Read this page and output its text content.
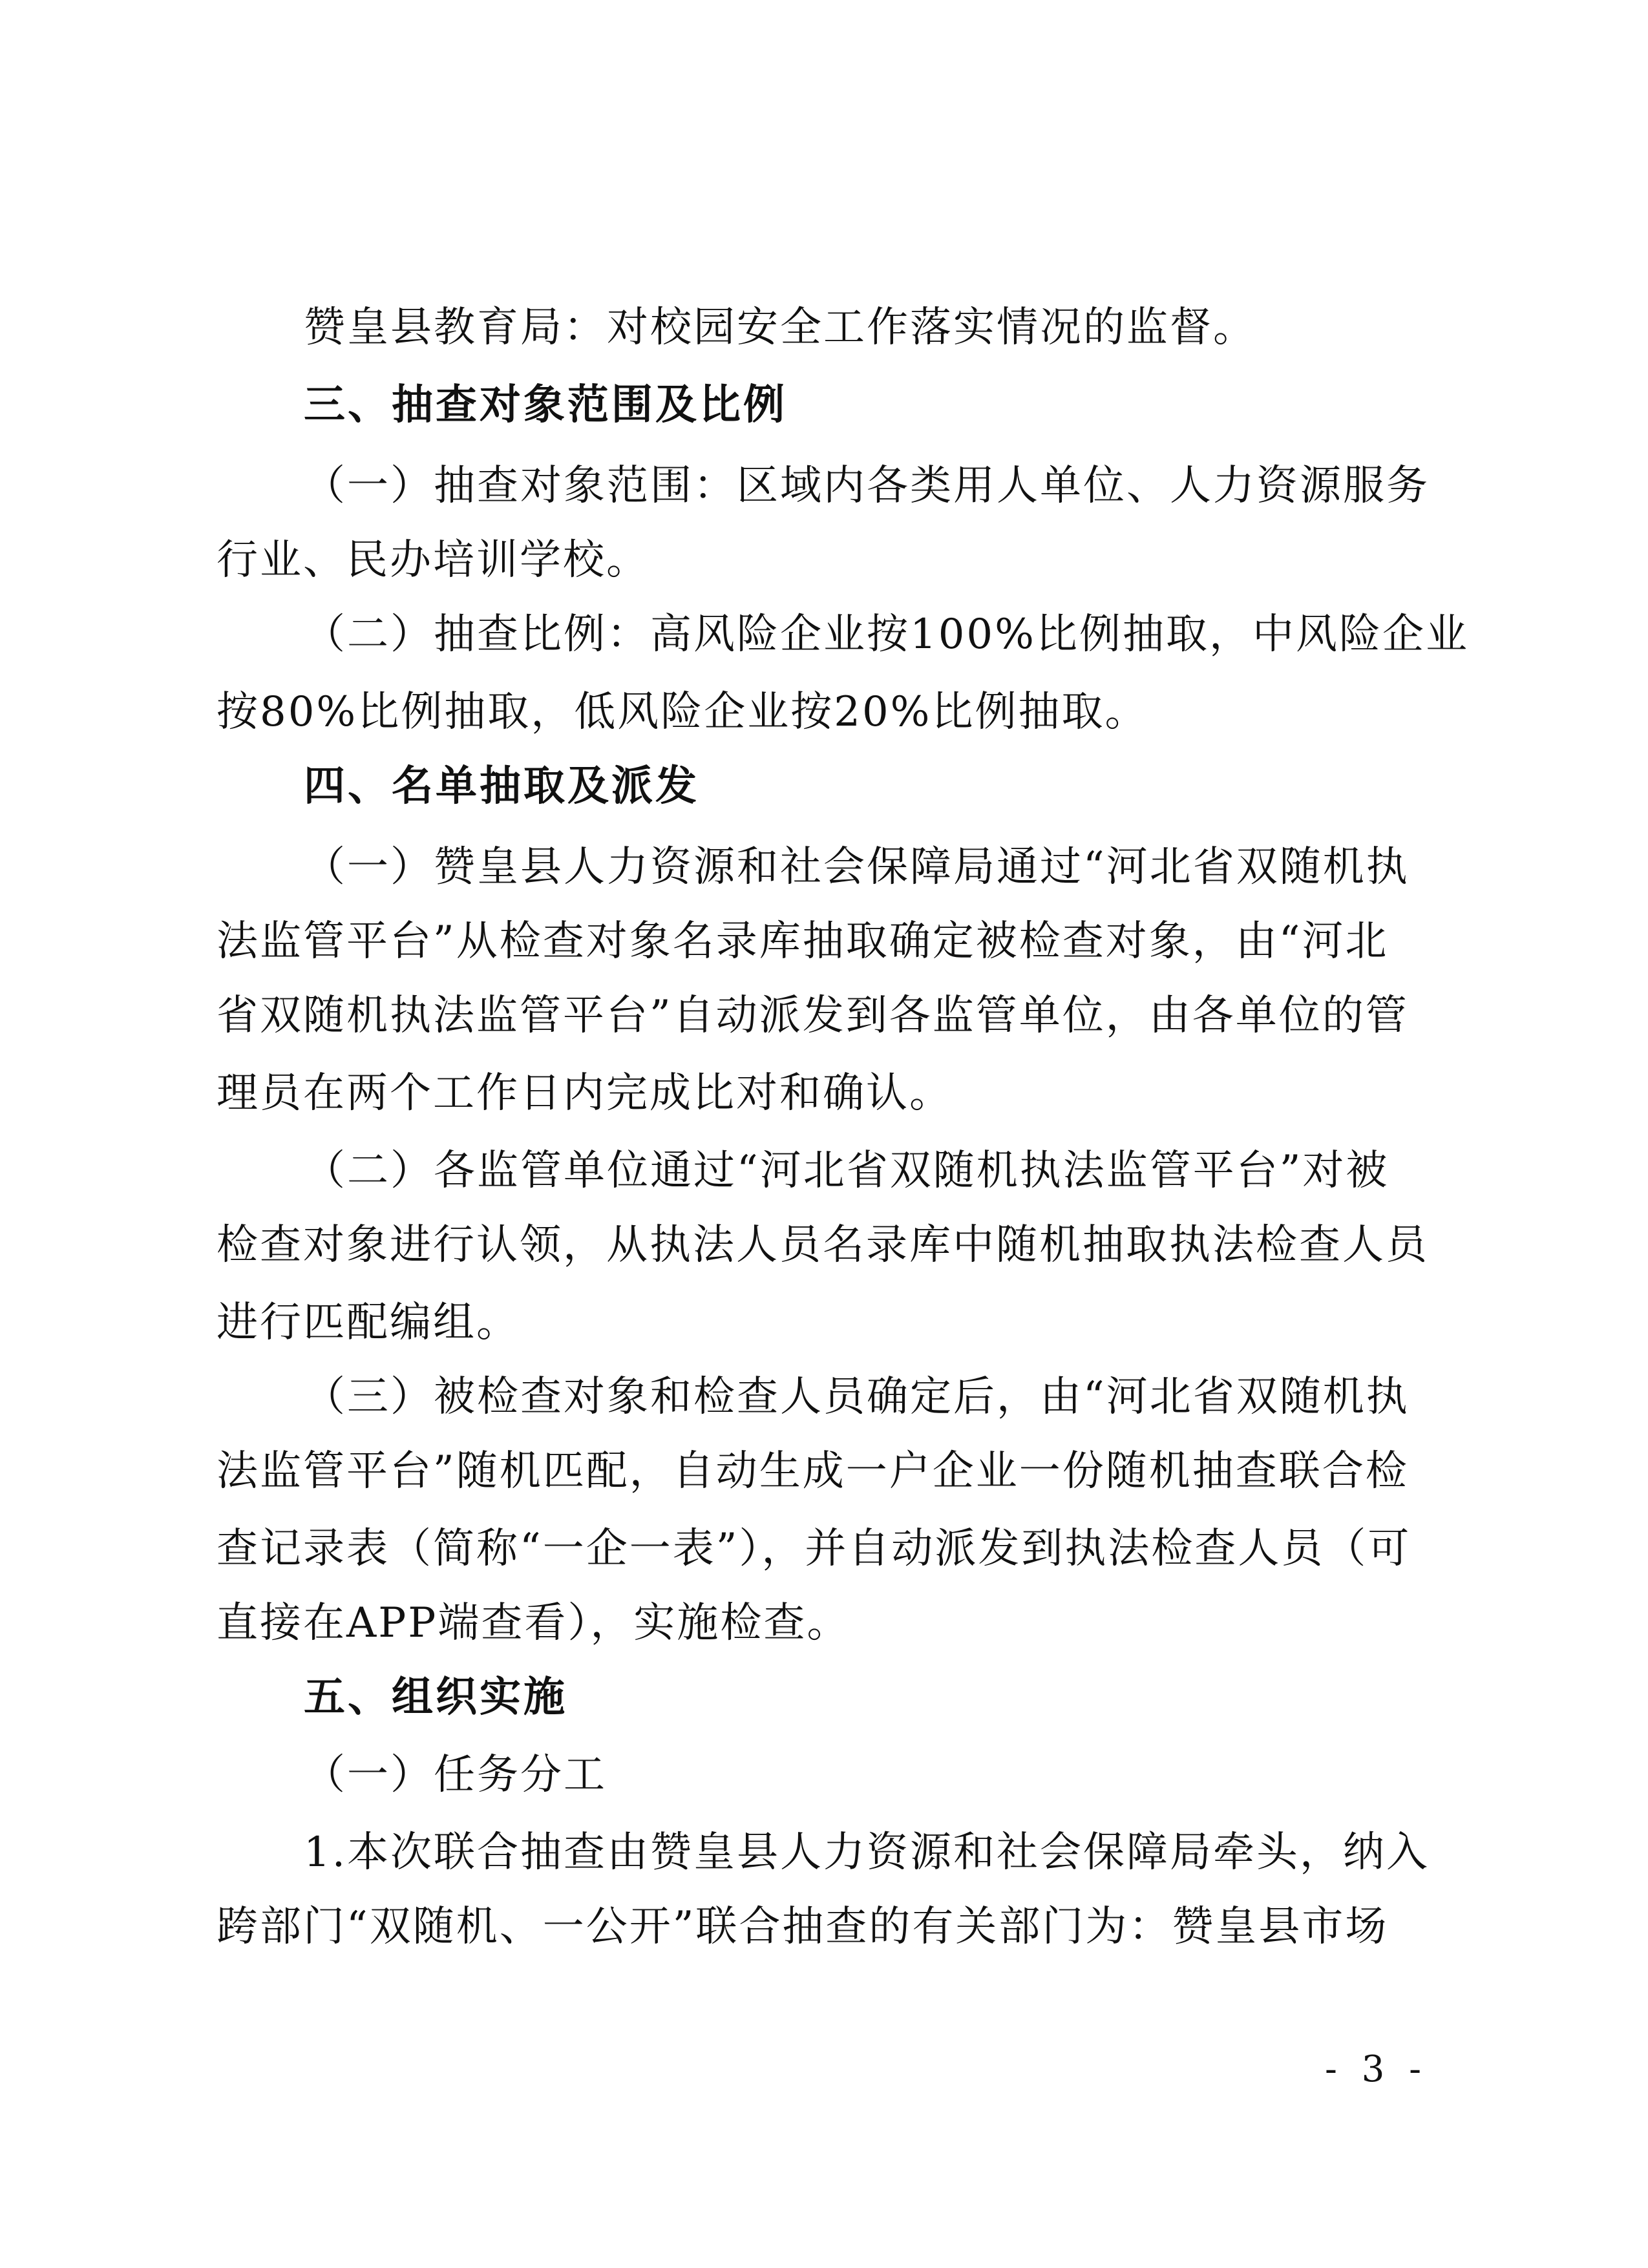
赞皇县教育局：对校园安全工作落实情况的监督。
三、抽查对象范围及比例
（一）抽查对象范围：区域内各类用人单位、人力资源服务
行业、民办培训学校。
（二）抽查比例：高风险企业按100%比例抽取，中风险企业
按80%比例抽取，低风险企业按20%比例抽取。
四、名单抽取及派发
（一）赞皇县人力资源和社会保障局通过“河北省双随机执
法监管平台”从检查对象名录库抽取确定被检查对象，由“河北
省双随机执法监管平台”自动派发到各监管单位，由各单位的管
理员在两个工作日内完成比对和确认。
（二）各监管单位通过“河北省双随机执法监管平台”对被
检查对象进行认领，从执法人员名录库中随机抽取执法检查人员
进行匹配编组。
（三）被检查对象和检查人员确定后，由“河北省双随机执
法监管平台”随机匹配，自动生成一户企业一份随机抽查联合检
查记录表（简称“一企一表”），并自动派发到执法检查人员（可
直接在APP端查看），实施检查。
五、组织实施
（一）任务分工
1.本次联合抽查由赞皇县人力资源和社会保障局牵头，纳入
跨部门“双随机、一公开”联合抽查的有关部门为：赞皇县市场
- 3 -
